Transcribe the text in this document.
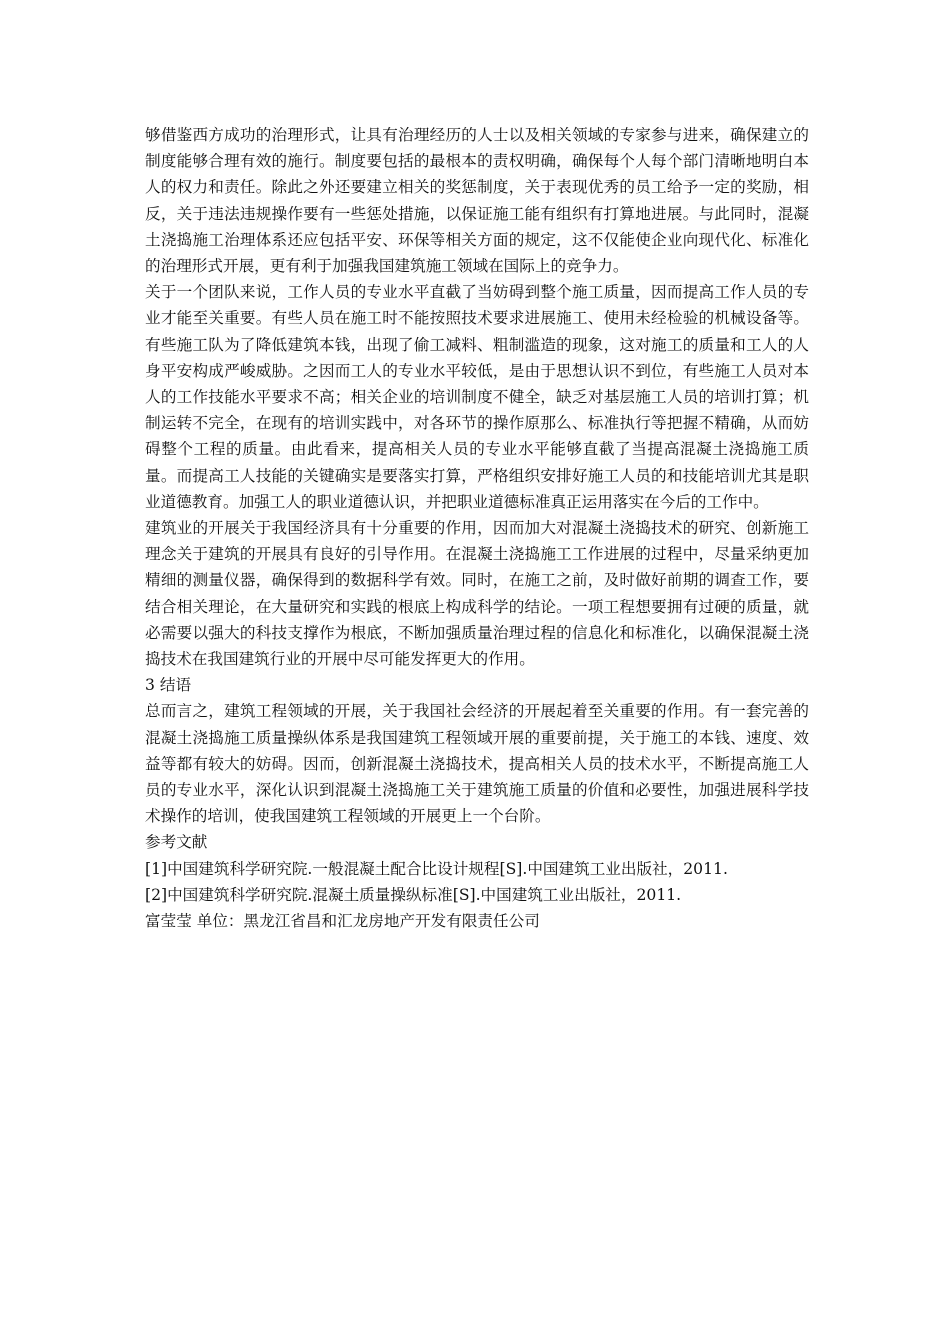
够借鉴西方成功的治理形式，让具有治理经历的人士以及相关领域的专家参与进来，确保建立的制度能够合理有效的施行。制度要包括的最根本的责权明确，确保每个人每个部门清晰地明白本人的权力和责任。除此之外还要建立相关的奖惩制度，关于表现优秀的员工给予一定的奖励，相反，关于违法违规操作要有一些惩处措施，以保证施工能有组织有打算地进展。与此同时，混凝土浇捣施工治理体系还应包括平安、环保等相关方面的规定，这不仅能使企业向现代化、标准化的治理形式开展，更有利于加强我国建筑施工领域在国际上的竞争力。

关于一个团队来说，工作人员的专业水平直截了当妨碍到整个施工质量，因而提高工作人员的专业才能至关重要。有些人员在施工时不能按照技术要求进展施工、使用未经检验的机械设备等。有些施工队为了降低建筑本钱，出现了偷工减料、粗制滥造的现象，这对施工的质量和工人的人身平安构成严峻威胁。之因而工人的专业水平较低，是由于思想认识不到位，有些施工人员对本人的工作技能水平要求不高；相关企业的培训制度不健全，缺乏对基层施工人员的培训打算；机制运转不完全，在现有的培训实践中，对各环节的操作原那么、标准执行等把握不精确，从而妨碍整个工程的质量。由此看来，提高相关人员的专业水平能够直截了当提高混凝土浇捣施工质量。而提高工人技能的关键确实是要落实打算，严格组织安排好施工人员的和技能培训尤其是职业道德教育。加强工人的职业道德认识，并把职业道德标准真正运用落实在今后的工作中。

建筑业的开展关于我国经济具有十分重要的作用，因而加大对混凝土浇捣技术的研究、创新施工理念关于建筑的开展具有良好的引导作用。在混凝土浇捣施工工作进展的过程中，尽量采纳更加精细的测量仪器，确保得到的数据科学有效。同时，在施工之前，及时做好前期的调查工作，要结合相关理论，在大量研究和实践的根底上构成科学的结论。一项工程想要拥有过硬的质量，就必需要以强大的科技支撑作为根底，不断加强质量治理过程的信息化和标准化，以确保混凝土浇捣技术在我国建筑行业的开展中尽可能发挥更大的作用。

3 结语

总而言之，建筑工程领域的开展，关于我国社会经济的开展起着至关重要的作用。有一套完善的混凝土浇捣施工质量操纵体系是我国建筑工程领域开展的重要前提，关于施工的本钱、速度、效益等都有较大的妨碍。因而，创新混凝土浇捣技术，提高相关人员的技术水平，不断提高施工人员的专业水平，深化认识到混凝土浇捣施工关于建筑施工质量的价值和必要性，加强进展科学技术操作的培训，使我国建筑工程领域的开展更上一个台阶。

参考文献

[1]中国建筑科学研究院.一般混凝土配合比设计规程[S].中国建筑工业出版社，2011.

[2]中国建筑科学研究院.混凝土质量操纵标准[S].中国建筑工业出版社，2011.

富莹莹 单位：黑龙江省昌和汇龙房地产开发有限责任公司
